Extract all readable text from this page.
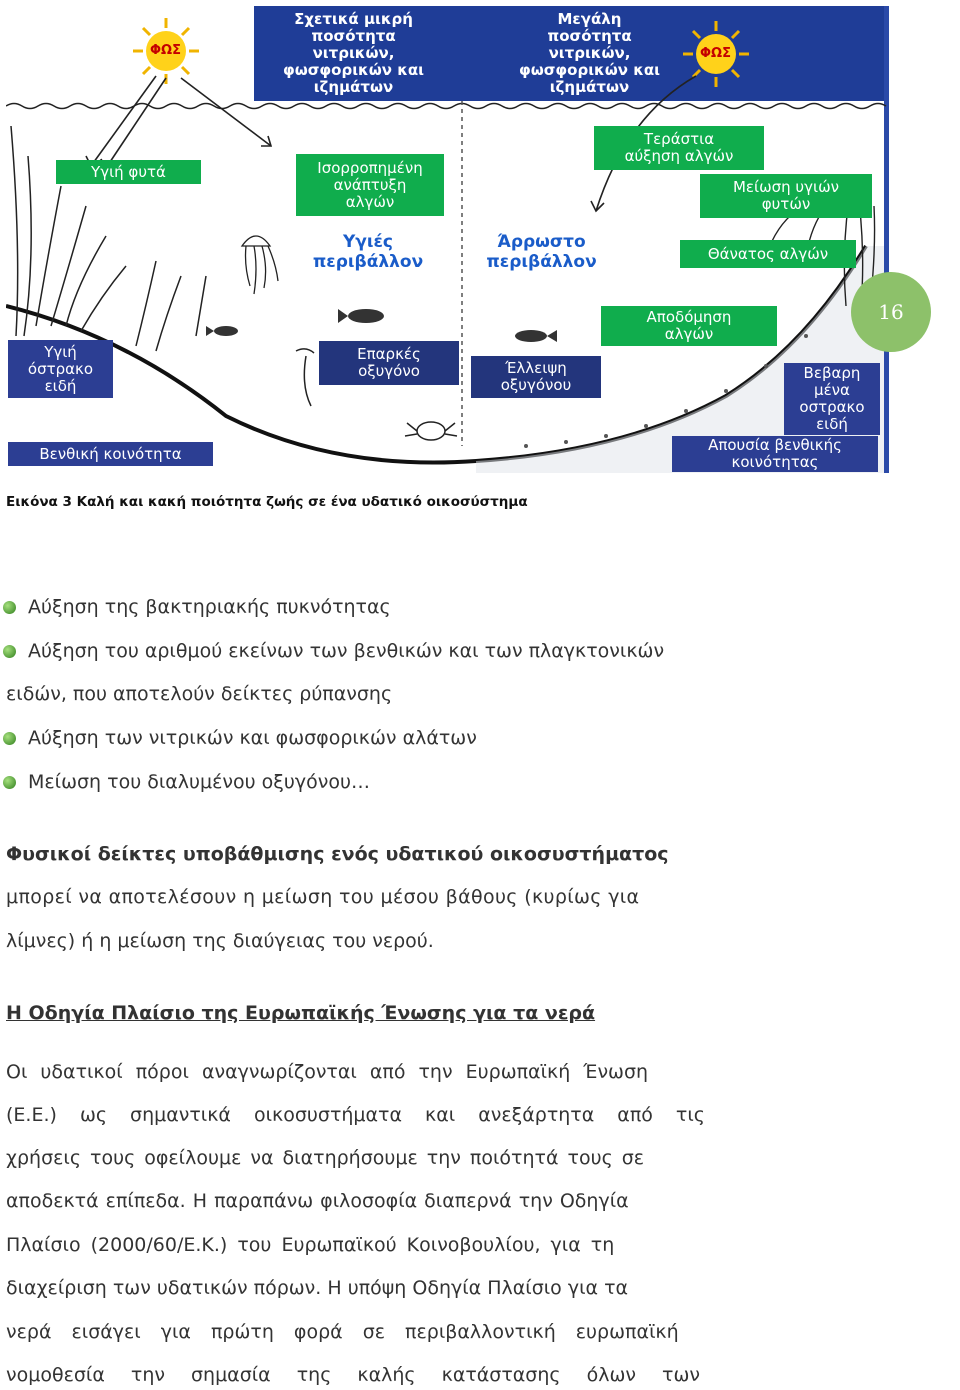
ΦΩΣ	ΦΩΣ
Σχετικά μικρή
ποσότητα
νιτρικών,
φωσφορικών και
ιζημάτων
Μεγάλη
ποσότητα
νιτρικών,
φωσφορικών και
ιζημάτων
Υγιή φυτά	Ισορροπημένη
ανάπτυξη
αλγών
Τεράστια
αύξηση αλγών
Μείωση υγιών
φυτών
Υγιές
περιβάλλον
Άρρωστο
περιβάλλον	Θάνατος αλγών
Αποδόμηση
αλγών
Υγιή
όστρακο
ειδή
Επαρκές
οξυγόνο	Έλλειψη
οξυγόνου
Βεβαρη
μένα
οστρακο
ειδή
Βενθική κοινότητα	Απουσία βενθικής
κοινότητας
16
Εικόνα 3 Καλή και κακή ποιότητα ζωής σε ένα υδατικό οικοσύστημα
Αύξηση της βακτηριακής πυκνότητας
Αύξηση του αριθμού εκείνων των βενθικών και των πλαγκτονικών
ειδών, που αποτελούν δείκτες ρύπανσης
Αύξηση των νιτρικών και φωσφορικών αλάτων
Μείωση του διαλυμένου οξυγόνου…
Φυσικοί δείκτες υποβάθμισης ενός υδατικού οικοσυστήματος
μπορεί να αποτελέσουν η μείωση του μέσου βάθους (κυρίως για
λίμνες) ή η μείωση της διαύγειας του νερού.
Η Οδηγία Πλαίσιο της Ευρωπαϊκής Ένωσης για τα νερά
Οι υδατικοί πόροι αναγνωρίζονται από την Ευρωπαϊκή Ένωση
(Ε.Ε.) ως σημαντικά οικοσυστήματα και ανεξάρτητα από τις
χρήσεις τους οφείλουμε να διατηρήσουμε την ποιότητά τους σε
αποδεκτά επίπεδα. Η παραπάνω φιλοσοφία διαπερνά την Οδηγία
Πλαίσιο (2000/60/Ε.Κ.) του Ευρωπαϊκού Κοινοβουλίου, για τη
διαχείριση των υδατικών πόρων. Η υπόψη Οδηγία Πλαίσιο για τα
νερά εισάγει για πρώτη φορά σε περιβαλλοντική ευρωπαϊκή
νομοθεσία την σημασία της καλής κατάστασης όλων των
